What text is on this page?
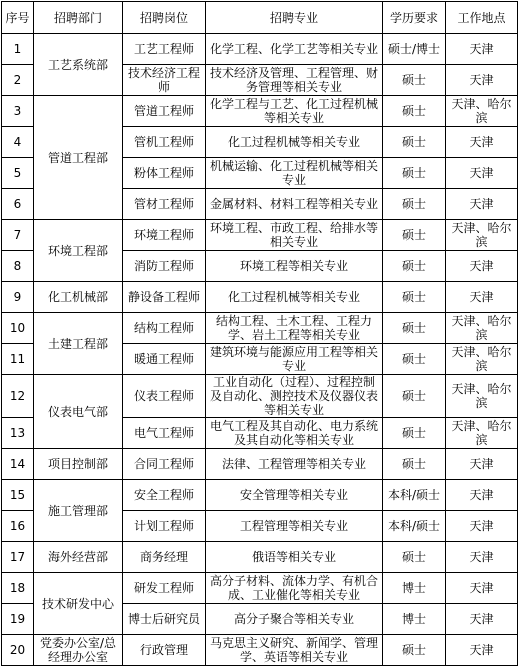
序号	招聘部门	招聘岗位	招聘专业	学历要求	工作地点
1	工艺系统部	工艺工程师	化学工程、化学工艺等相关专业	硕士/博士	天津
2		技术经济工程师	技术经济及管理、工程管理、财务管理等相关专业	硕士	天津
3	管道工程部	管道工程师	化学工程与工艺、化工过程机械等相关专业	硕士	天津、哈尔滨
4		管机工程师	化工过程机械等相关专业	硕士	天津
5		粉体工程师	机械运输、化工过程机械等相关专业	硕士	天津
6		管材工程师	金属材料、材料工程等相关专业	硕士	天津
7	环境工程部	环境工程师	环境工程、市政工程、给排水等相关专业	硕士	天津、哈尔滨
8		消防工程师	环境工程等相关专业	硕士	天津
9	化工机械部	静设备工程师	化工过程机械等相关专业	硕士	天津
10	土建工程部	结构工程师	结构工程、土木工程、工程力学、岩土工程等相关专业	硕士	天津、哈尔滨
11		暖通工程师	建筑环境与能源应用工程等相关专业	硕士	天津、哈尔滨
12	仪表电气部	仪表工程师	工业自动化（过程）、过程控制及自动化、测控技术及仪器仪表等相关专业	硕士	天津、哈尔滨
13		电气工程师	电气工程及其自动化、电力系统及其自动化等相关专业	硕士	天津、哈尔滨
14	项目控制部	合同工程师	法律、工程管理等相关专业	硕士	天津
15	施工管理部	安全工程师	安全管理等相关专业	本科/硕士	天津
16		计划工程师	工程管理等相关专业	本科/硕士	天津
17	海外经营部	商务经理	俄语等相关专业	硕士	天津
18	技术研发中心	研发工程师	高分子材料、流体力学、有机合成、工业催化等相关专业	博士	天津
19		博士后研究员	高分子聚合等相关专业	博士	天津
20	党委办公室/总经理办公室	行政管理	马克思主义研究、新闻学、管理学、英语等相关专业	硕士	天津
